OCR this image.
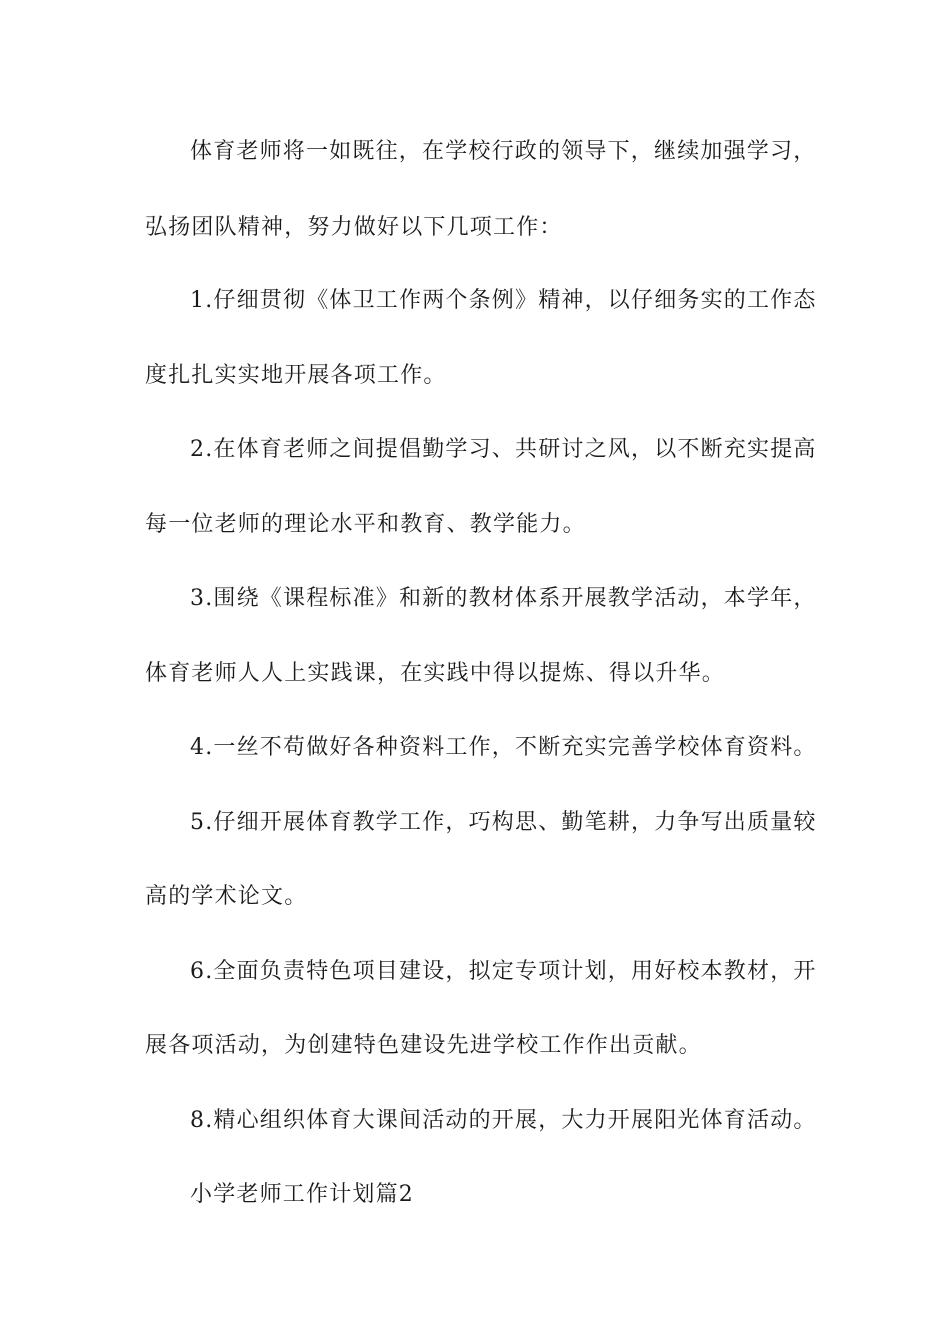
体育老师将一如既往，在学校行政的领导下，继续加强学习，
弘扬团队精神，努力做好以下几项工作：
1.仔细贯彻《体卫工作两个条例》精神，以仔细务实的工作态
度扎扎实实地开展各项工作。
2.在体育老师之间提倡勤学习、共研讨之风，以不断充实提高
每一位老师的理论水平和教育、教学能力。
3.围绕《课程标准》和新的教材体系开展教学活动，本学年，
体育老师人人上实践课，在实践中得以提炼、得以升华。
4.一丝不苟做好各种资料工作，不断充实完善学校体育资料。
5.仔细开展体育教学工作，巧构思、勤笔耕，力争写出质量较
高的学术论文。
6.全面负责特色项目建设，拟定专项计划，用好校本教材，开
展各项活动，为创建特色建设先进学校工作作出贡献。
8.精心组织体育大课间活动的开展，大力开展阳光体育活动。
小学老师工作计划篇2
